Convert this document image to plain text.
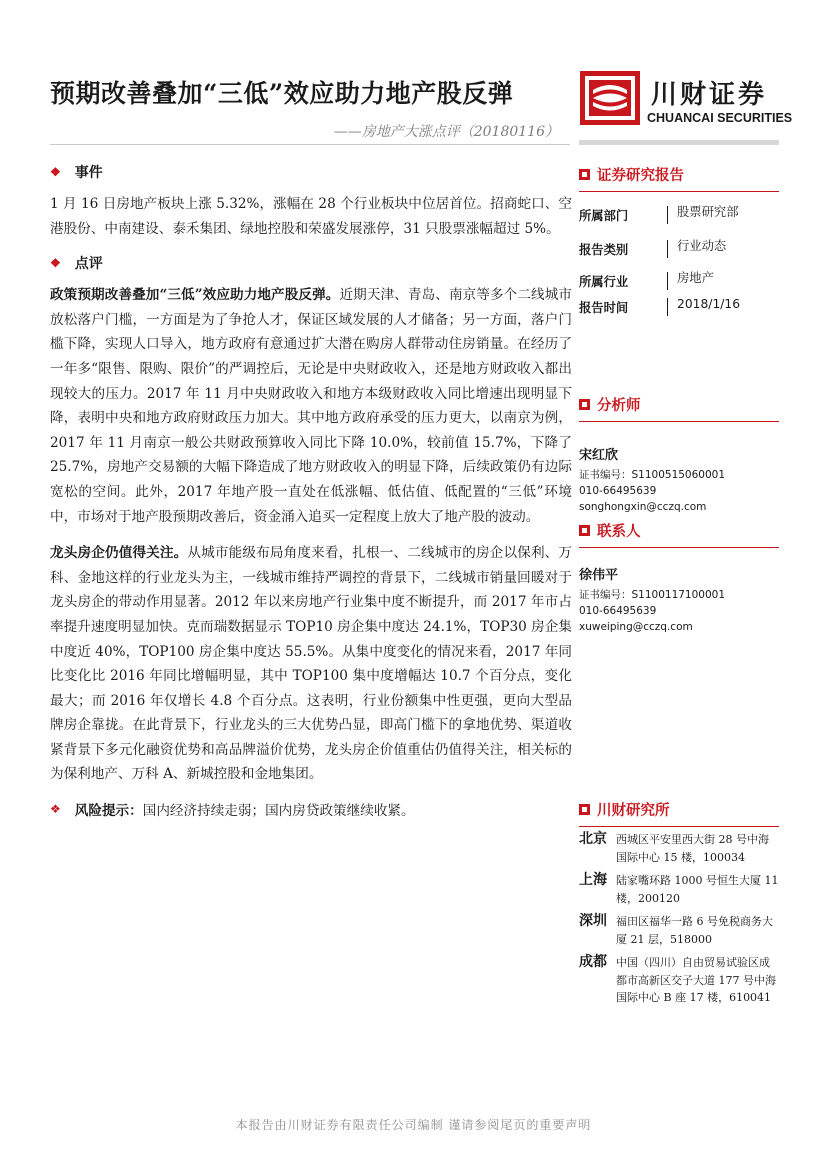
预期改善叠加“三低”效应助力地产股反弹
——房地产大涨点评（20180116）
川财证券
CHUANCAI SECURITIES
❖ 事件

1 月 16 日房地产板块上涨 5.32%，涨幅在 28 个行业板块中位居首位。招商蛇口、空港股份、中南建设、泰禾集团、绿地控股和荣盛发展涨停，31 只股票涨幅超过 5%。

❖ 点评

政策预期改善叠加“三低”效应助力地产股反弹。近期天津、青岛、南京等多个二线城市放松落户门槛，一方面是为了争抢人才，保证区域发展的人才储备；另一方面，落户门槛下降，实现人口导入，地方政府有意通过扩大潜在购房人群带动住房销量。在经历了一年多“限售、限购、限价”的严调控后，无论是中央财政收入，还是地方财政收入都出现较大的压力。2017 年 11 月中央财政收入和地方本级财政收入同比增速出现明显下降，表明中央和地方政府财政压力加大。其中地方政府承受的压力更大，以南京为例，2017 年 11 月南京一般公共财政预算收入同比下降 10.0%，较前值 15.7%，下降了 25.7%，房地产交易额的大幅下降造成了地方财政收入的明显下降，后续政策仍有边际宽松的空间。此外，2017 年地产股一直处在低涨幅、低估值、低配置的“三低”环境中，市场对于地产股预期改善后，资金涌入追买一定程度上放大了地产股的波动。

龙头房企仍值得关注。从城市能级布局角度来看，扎根一、二线城市的房企以保利、万科、金地这样的行业龙头为主，一线城市维持严调控的背景下，二线城市销量回暖对于龙头房企的带动作用显著。2012 年以来房地产行业集中度不断提升，而 2017 年市占率提升速度明显加快。克而瑞数据显示 TOP10 房企集中度达 24.1%，TOP30 房企集中度近 40%，TOP100 房企集中度达 55.5%。从集中度变化的情况来看，2017 年同比变化比 2016 年同比增幅明显，其中 TOP100 集中度增幅达 10.7 个百分点，变化最大；而 2016 年仅增长 4.8 个百分点。这表明，行业份额集中性更强，更向大型品牌房企靠拢。在此背景下，行业龙头的三大优势凸显，即高门槛下的拿地优势、渠道收紧背景下多元化融资优势和高品牌溢价优势，龙头房企价值重估仍值得关注，相关标的为保利地产、万科 A、新城控股和金地集团。

❖ 风险提示： 国内经济持续走弱；国内房贷政策继续收紧。
证券研究报告
所属部门	股票研究部
报告类别	行业动态
所属行业	房地产
报告时间	2018/1/16
分析师
宋红欣
证书编号：S1100515060001
010-66495639
songhongxin@cczq.com
联系人
徐伟平
证书编号：S1100117100001
010-66495639
xuweiping@cczq.com
川财研究所
北京 西城区平安里西大街 28 号中海国际中心 15 楼，100034
上海 陆家嘴环路 1000 号恒生大厦 11 楼，200120
深圳 福田区福华一路 6 号免税商务大厦 21 层，518000
成都 中国（四川）自由贸易试验区成都市高新区交子大道 177 号中海国际中心 B 座 17 楼，610041
本报告由川财证券有限责任公司编制 谨请参阅尾页的重要声明
